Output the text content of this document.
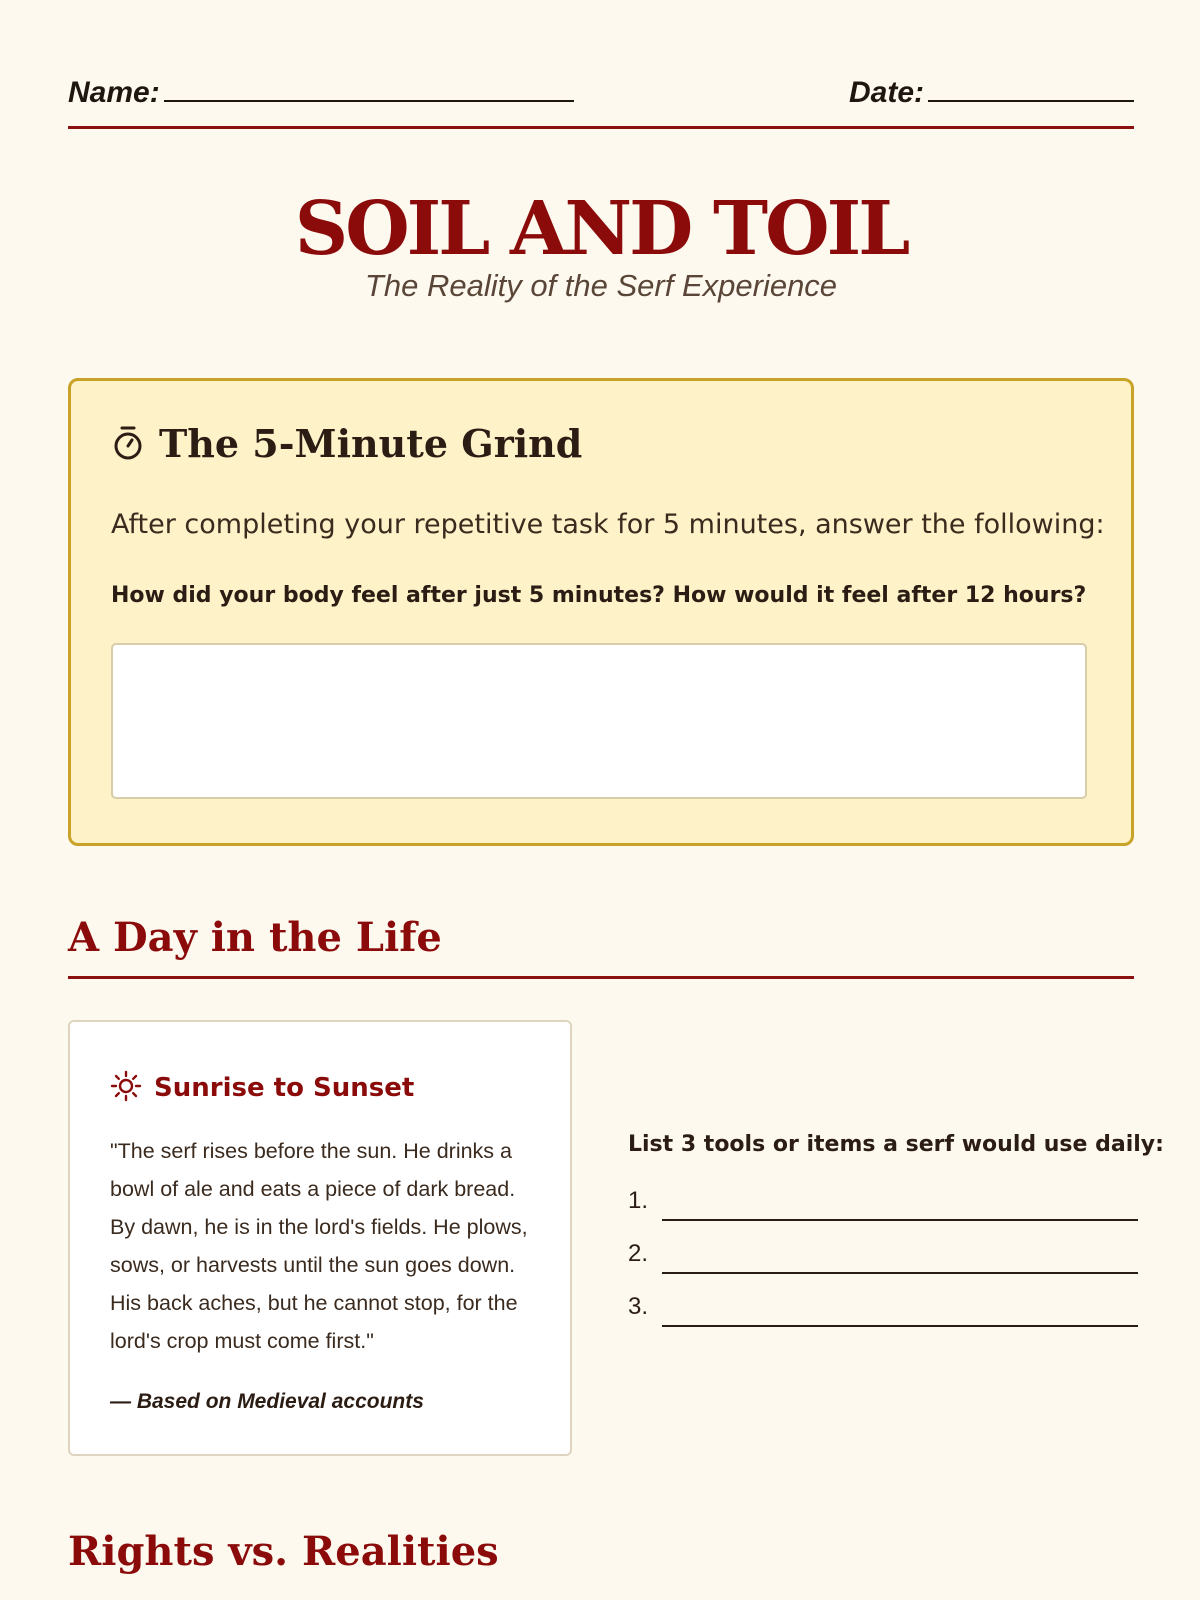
Name:	Date:
SOIL AND TOIL
The Reality of the Serf Experience
The 5-Minute Grind
After completing your repetitive task for 5 minutes, answer the following:
How did your body feel after just 5 minutes? How would it feel after 12 hours?
A Day in the Life
Sunrise to Sunset

"The serf rises before the sun. He drinks a bowl of ale and eats a piece of dark bread. By dawn, he is in the lord's fields. He plows, sows, or harvests until the sun goes down. His back aches, but he cannot stop, for the lord's crop must come first."

— Based on Medieval accounts

List 3 tools or items a serf would use daily:

1.
2.
3.
Rights vs. Realities
